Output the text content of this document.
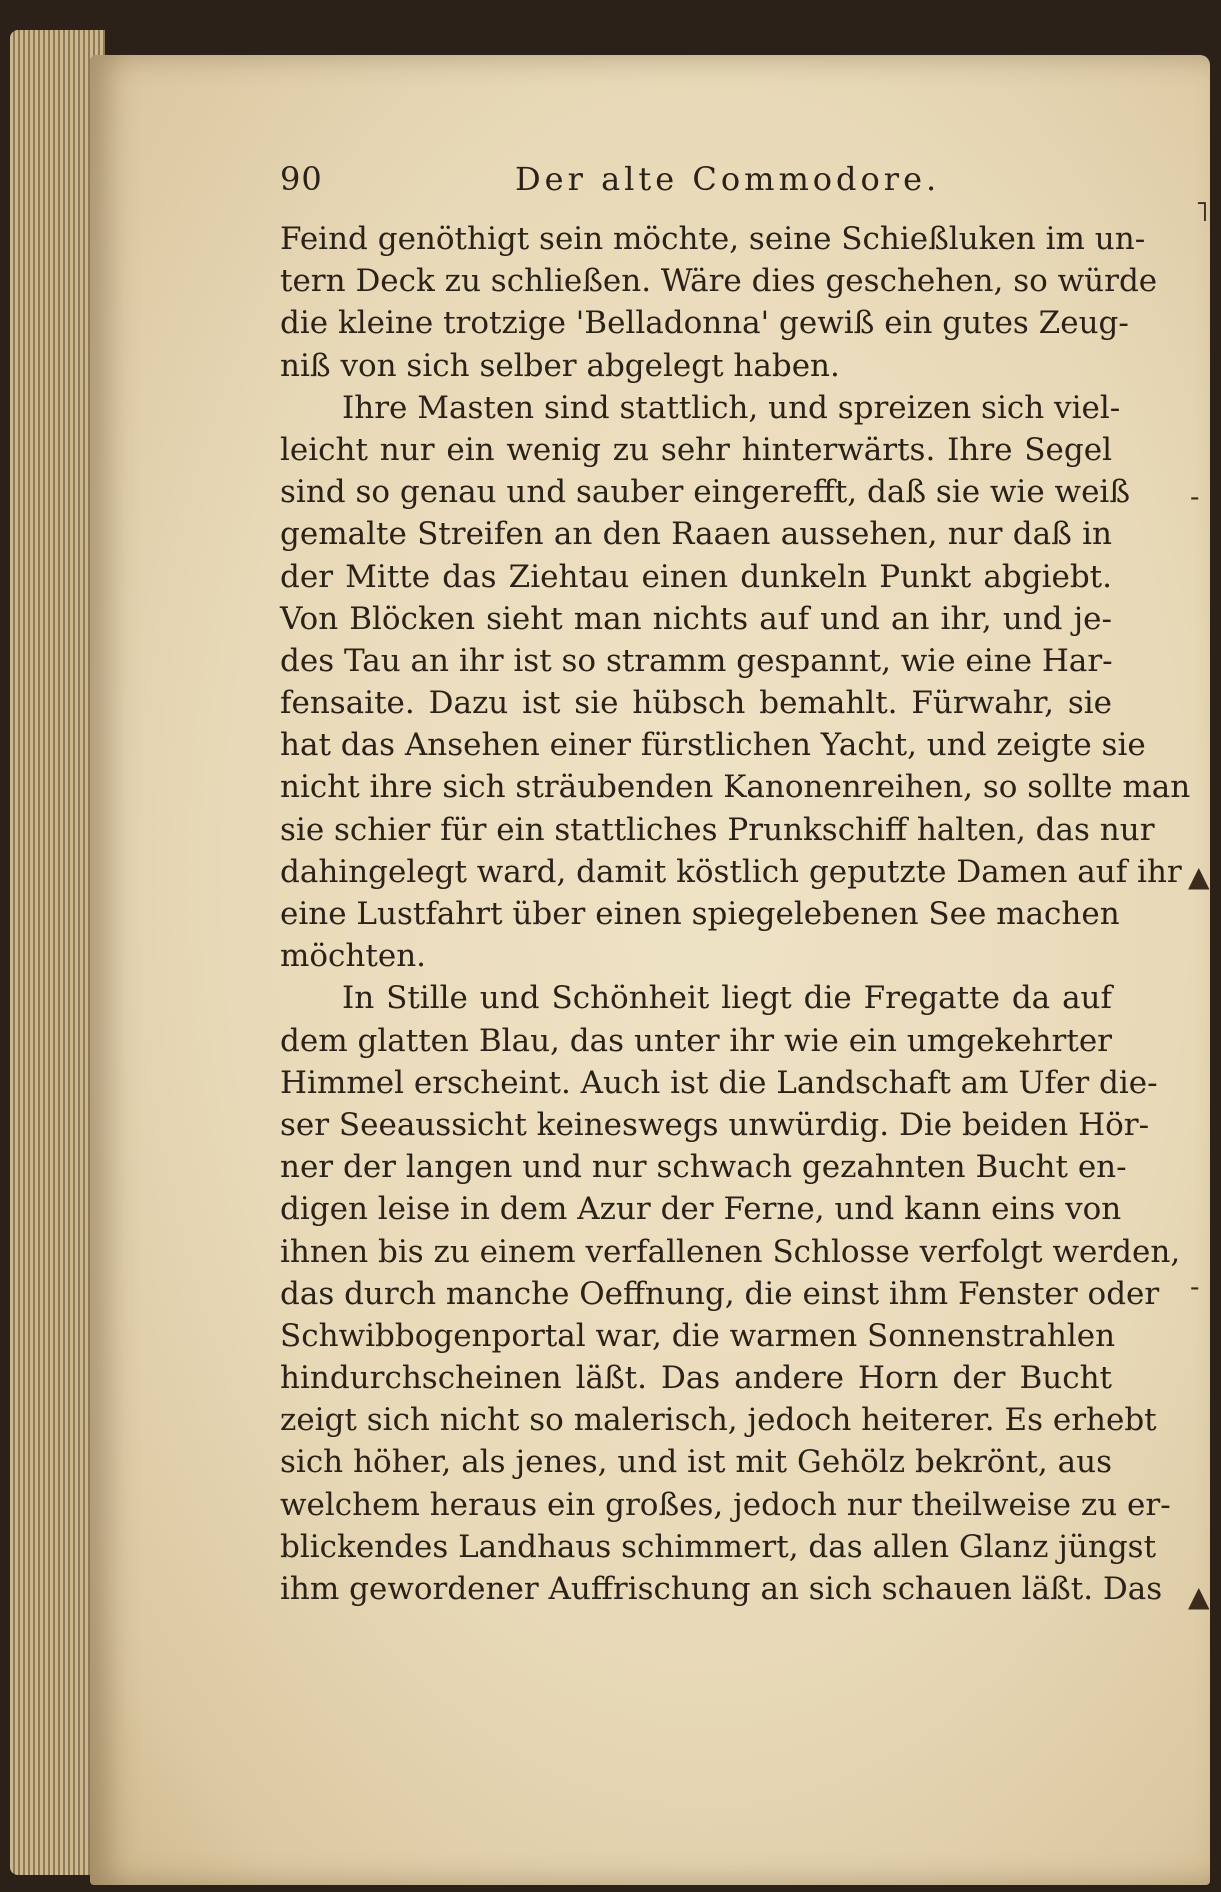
90	Der alte Commodore.
Feind genöthigt sein möchte, seine Schießluken im un-
tern Deck zu schließen. Wäre dies geschehen, so würde
die kleine trotzige 'Belladonna' gewiß ein gutes Zeug-
niß von sich selber abgelegt haben.
Ihre Masten sind stattlich, und spreizen sich viel-
leicht nur ein wenig zu sehr hinterwärts. Ihre Segel
sind so genau und sauber eingerefft, daß sie wie weiß
gemalte Streifen an den Raaen aussehen, nur daß in
der Mitte das Ziehtau einen dunkeln Punkt abgiebt.
Von Blöcken sieht man nichts auf und an ihr, und je-
des Tau an ihr ist so stramm gespannt, wie eine Har-
fensaite. Dazu ist sie hübsch bemahlt. Fürwahr, sie
hat das Ansehen einer fürstlichen Yacht, und zeigte sie
nicht ihre sich sträubenden Kanonenreihen, so sollte man
sie schier für ein stattliches Prunkschiff halten, das nur
dahingelegt ward, damit köstlich geputzte Damen auf ihr
eine Lustfahrt über einen spiegelebenen See machen
möchten.
In Stille und Schönheit liegt die Fregatte da auf
dem glatten Blau, das unter ihr wie ein umgekehrter
Himmel erscheint. Auch ist die Landschaft am Ufer die-
ser Seeaussicht keineswegs unwürdig. Die beiden Hör-
ner der langen und nur schwach gezahnten Bucht en-
digen leise in dem Azur der Ferne, und kann eins von
ihnen bis zu einem verfallenen Schlosse verfolgt werden,
das durch manche Oeffnung, die einst ihm Fenster oder
Schwibbogenportal war, die warmen Sonnenstrahlen
hindurchscheinen läßt. Das andere Horn der Bucht
zeigt sich nicht so malerisch, jedoch heiterer. Es erhebt
sich höher, als jenes, und ist mit Gehölz bekrönt, aus
welchem heraus ein großes, jedoch nur theilweise zu er-
blickendes Landhaus schimmert, das allen Glanz jüngst
ihm gewordener Auffrischung an sich schauen läßt. Das
˥
-
▲
-
▲
